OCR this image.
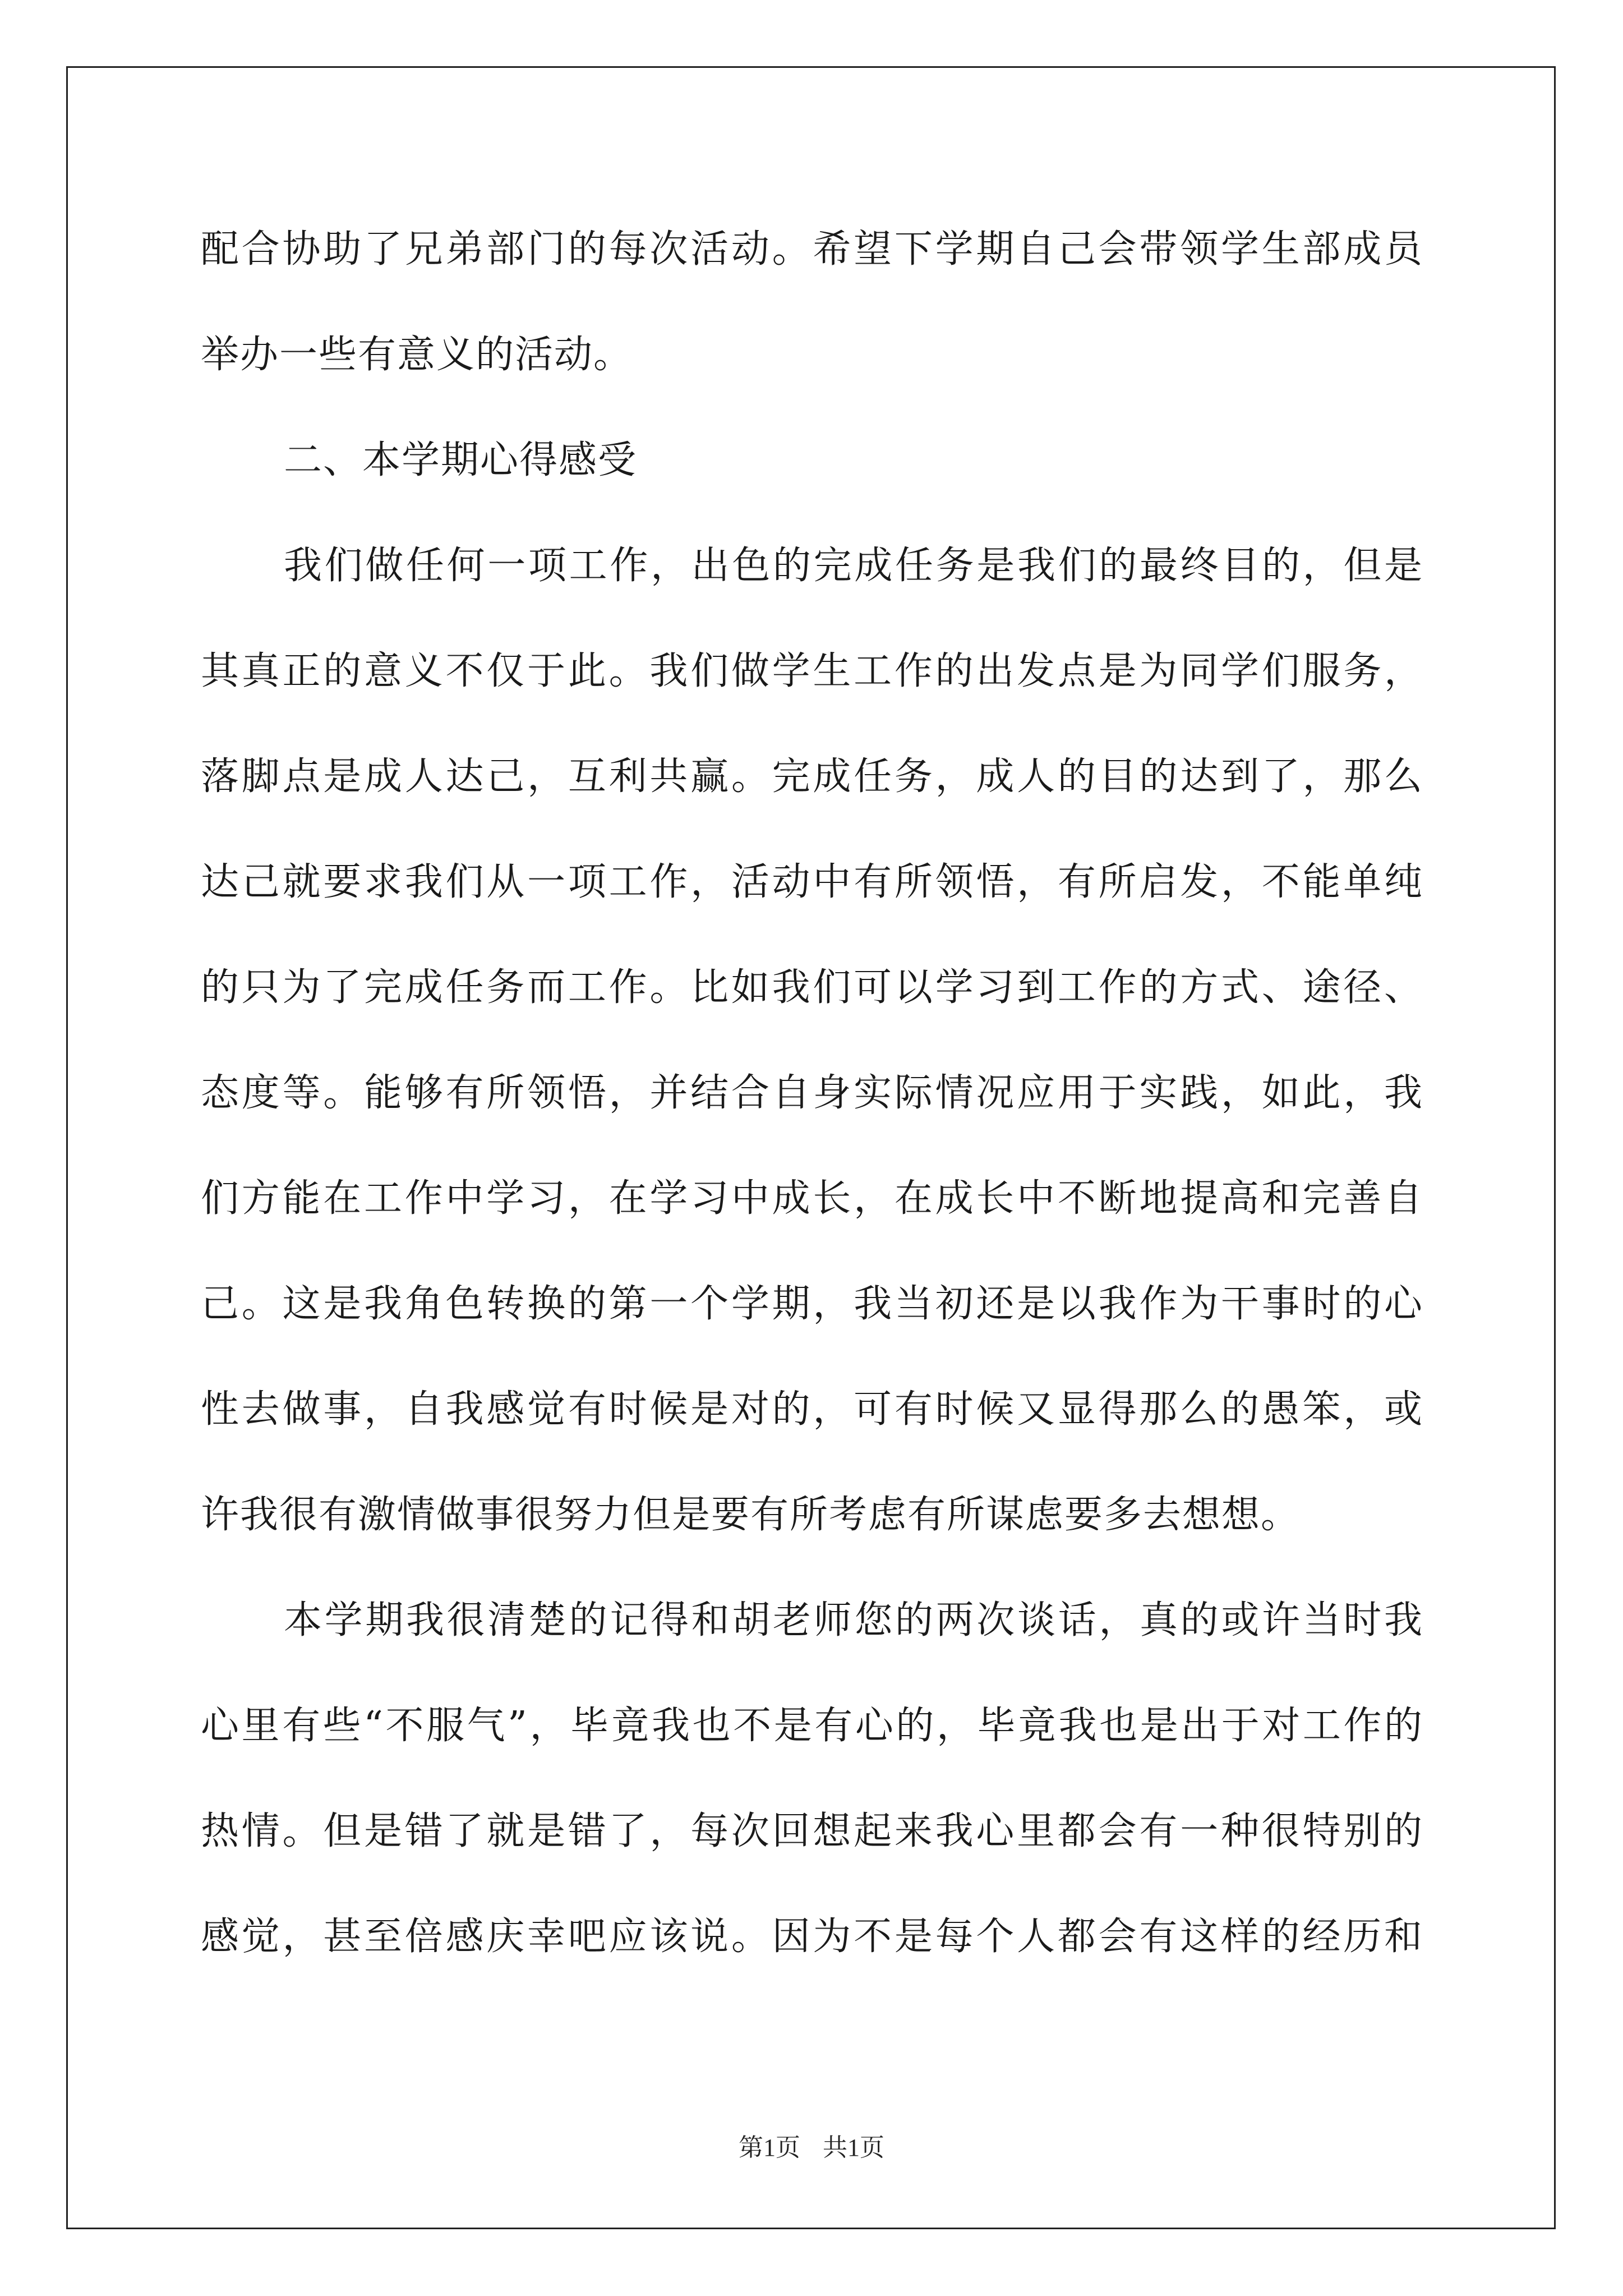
配合协助了兄弟部门的每次活动。希望下学期自己会带领学生部成员
举办一些有意义的活动。
二、本学期心得感受
我们做任何一项工作，出色的完成任务是我们的最终目的，但是
其真正的意义不仅于此。我们做学生工作的出发点是为同学们服务，
落脚点是成人达己，互利共赢。完成任务，成人的目的达到了，那么
达己就要求我们从一项工作，活动中有所领悟，有所启发，不能单纯
的只为了完成任务而工作。比如我们可以学习到工作的方式、途径、
态度等。能够有所领悟，并结合自身实际情况应用于实践，如此，我
们方能在工作中学习，在学习中成长，在成长中不断地提高和完善自
己。这是我角色转换的第一个学期，我当初还是以我作为干事时的心
性去做事，自我感觉有时候是对的，可有时候又显得那么的愚笨，或
许我很有激情做事很努力但是要有所考虑有所谋虑要多去想想。
本学期我很清楚的记得和胡老师您的两次谈话，真的或许当时我
心里有些“不服气”，毕竟我也不是有心的，毕竟我也是出于对工作的
热情。但是错了就是错了，每次回想起来我心里都会有一种很特别的
感觉，甚至倍感庆幸吧应该说。因为不是每个人都会有这样的经历和
第1页 共1页
